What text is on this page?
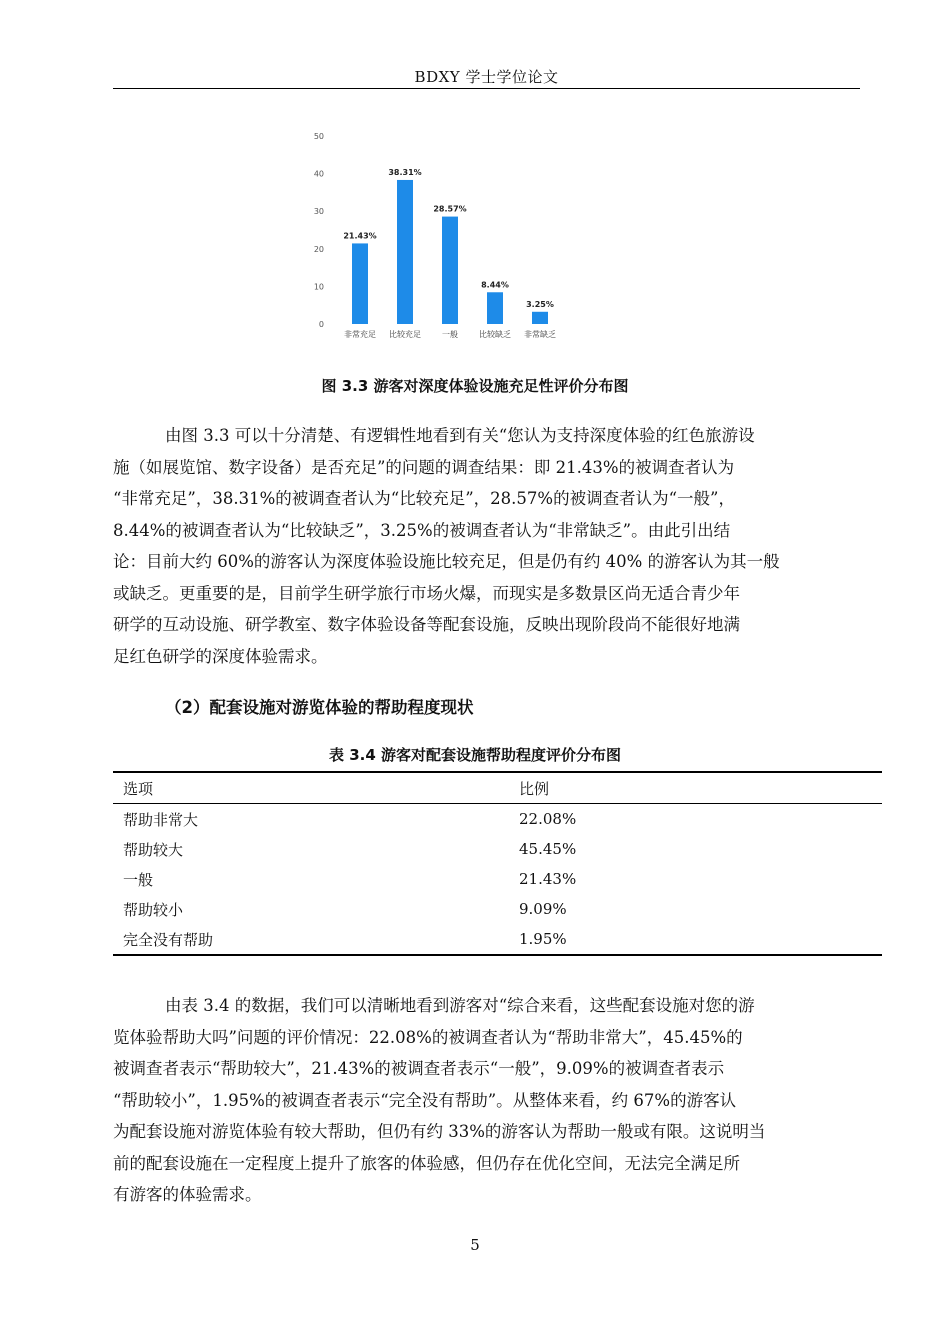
BDXY 学士学位论文
0
10
20
30
40
50
21.43%
非常充足
38.31%
比较充足
28.57%
一般
8.44%
比较缺乏
3.25%
非常缺乏
图 3.3 游客对深度体验设施充足性评价分布图
由图 3.3 可以十分清楚、有逻辑性地看到有关“您认为支持深度体验的红色旅游设
施（如展览馆、数字设备）是否充足”的问题的调查结果：即 21.43%的被调查者认为
“非常充足”，38.31%的被调查者认为“比较充足”，28.57%的被调查者认为“一般”，
8.44%的被调查者认为“比较缺乏”，3.25%的被调查者认为“非常缺乏”。由此引出结
论：目前大约 60%的游客认为深度体验设施比较充足，但是仍有约 40% 的游客认为其一般
或缺乏。更重要的是，目前学生研学旅行市场火爆，而现实是多数景区尚无适合青少年
研学的互动设施、研学教室、数字体验设备等配套设施，反映出现阶段尚不能很好地满
足红色研学的深度体验需求。
（2）配套设施对游览体验的帮助程度现状
表 3.4 游客对配套设施帮助程度评价分布图
选项	比例
帮助非常大	22.08%
帮助较大	45.45%
一般	21.43%
帮助较小	9.09%
完全没有帮助	1.95%
由表 3.4 的数据，我们可以清晰地看到游客对“综合来看，这些配套设施对您的游
览体验帮助大吗”问题的评价情况：22.08%的被调查者认为“帮助非常大”，45.45%的
被调查者表示“帮助较大”，21.43%的被调查者表示“一般”，9.09%的被调查者表示
“帮助较小”，1.95%的被调查者表示“完全没有帮助”。从整体来看，约 67%的游客认
为配套设施对游览体验有较大帮助，但仍有约 33%的游客认为帮助一般或有限。这说明当
前的配套设施在一定程度上提升了旅客的体验感，但仍存在优化空间，无法完全满足所
有游客的体验需求。
5
